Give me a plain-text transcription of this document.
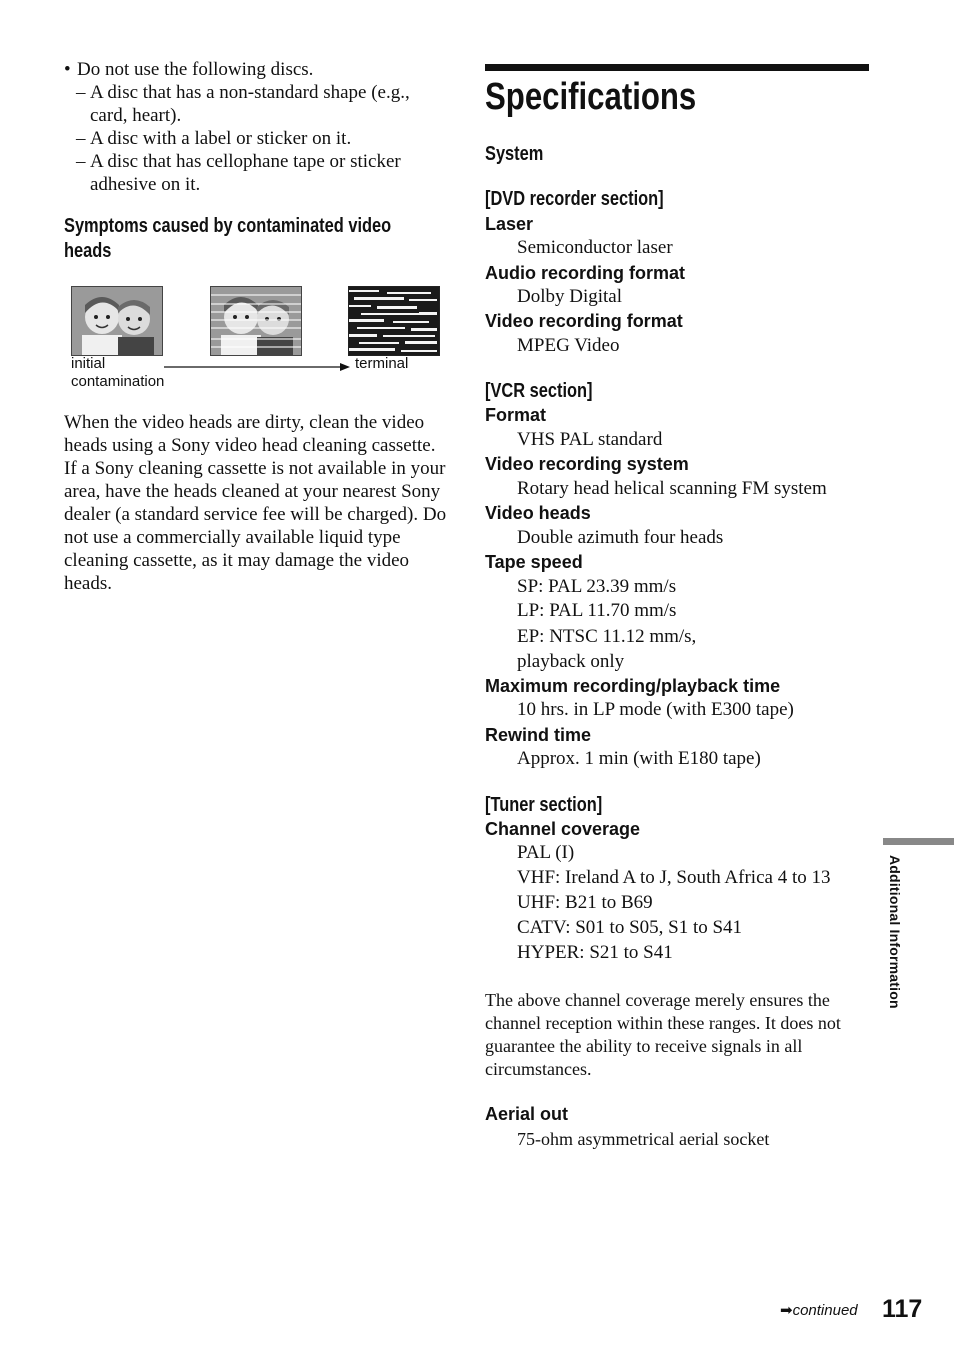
• Do not use the following discs.
– A disc that has a non-standard shape (e.g.,
card, heart).
– A disc with a label or sticker on it.
– A disc that has cellophane tape or sticker
adhesive on it.
Symptoms caused by contaminated video
heads
initial
contamination
terminal
When the video heads are dirty, clean the video
heads using a Sony video head cleaning cassette.
If a Sony cleaning cassette is not available in your
area, have the heads cleaned at your nearest Sony
dealer (a standard service fee will be charged). Do
not use a commercially available liquid type
cleaning cassette, as it may damage the video
heads.
Specifications
System
[DVD recorder section]
Laser
Semiconductor laser
Audio recording format
Dolby Digital
Video recording format
MPEG Video
[VCR section]
Format
VHS PAL standard
Video recording system
Rotary head helical scanning FM system
Video heads
Double azimuth four heads
Tape speed
SP: PAL 23.39 mm/s
LP: PAL 11.70 mm/s
EP: NTSC 11.12 mm/s,
playback only
Maximum recording/playback time
10 hrs. in LP mode (with E300 tape)
Rewind time
Approx. 1 min (with E180 tape)
[Tuner section]
Channel coverage
PAL (I)
VHF: Ireland A to J, South Africa 4 to 13
UHF: B21 to B69
CATV: S01 to S05, S1 to S41
HYPER: S21 to S41
The above channel coverage merely ensures the
channel reception within these ranges. It does not
guarantee the ability to receive signals in all
circumstances.
Aerial out
75-ohm asymmetrical aerial socket
Additional Information
➡continued 117
